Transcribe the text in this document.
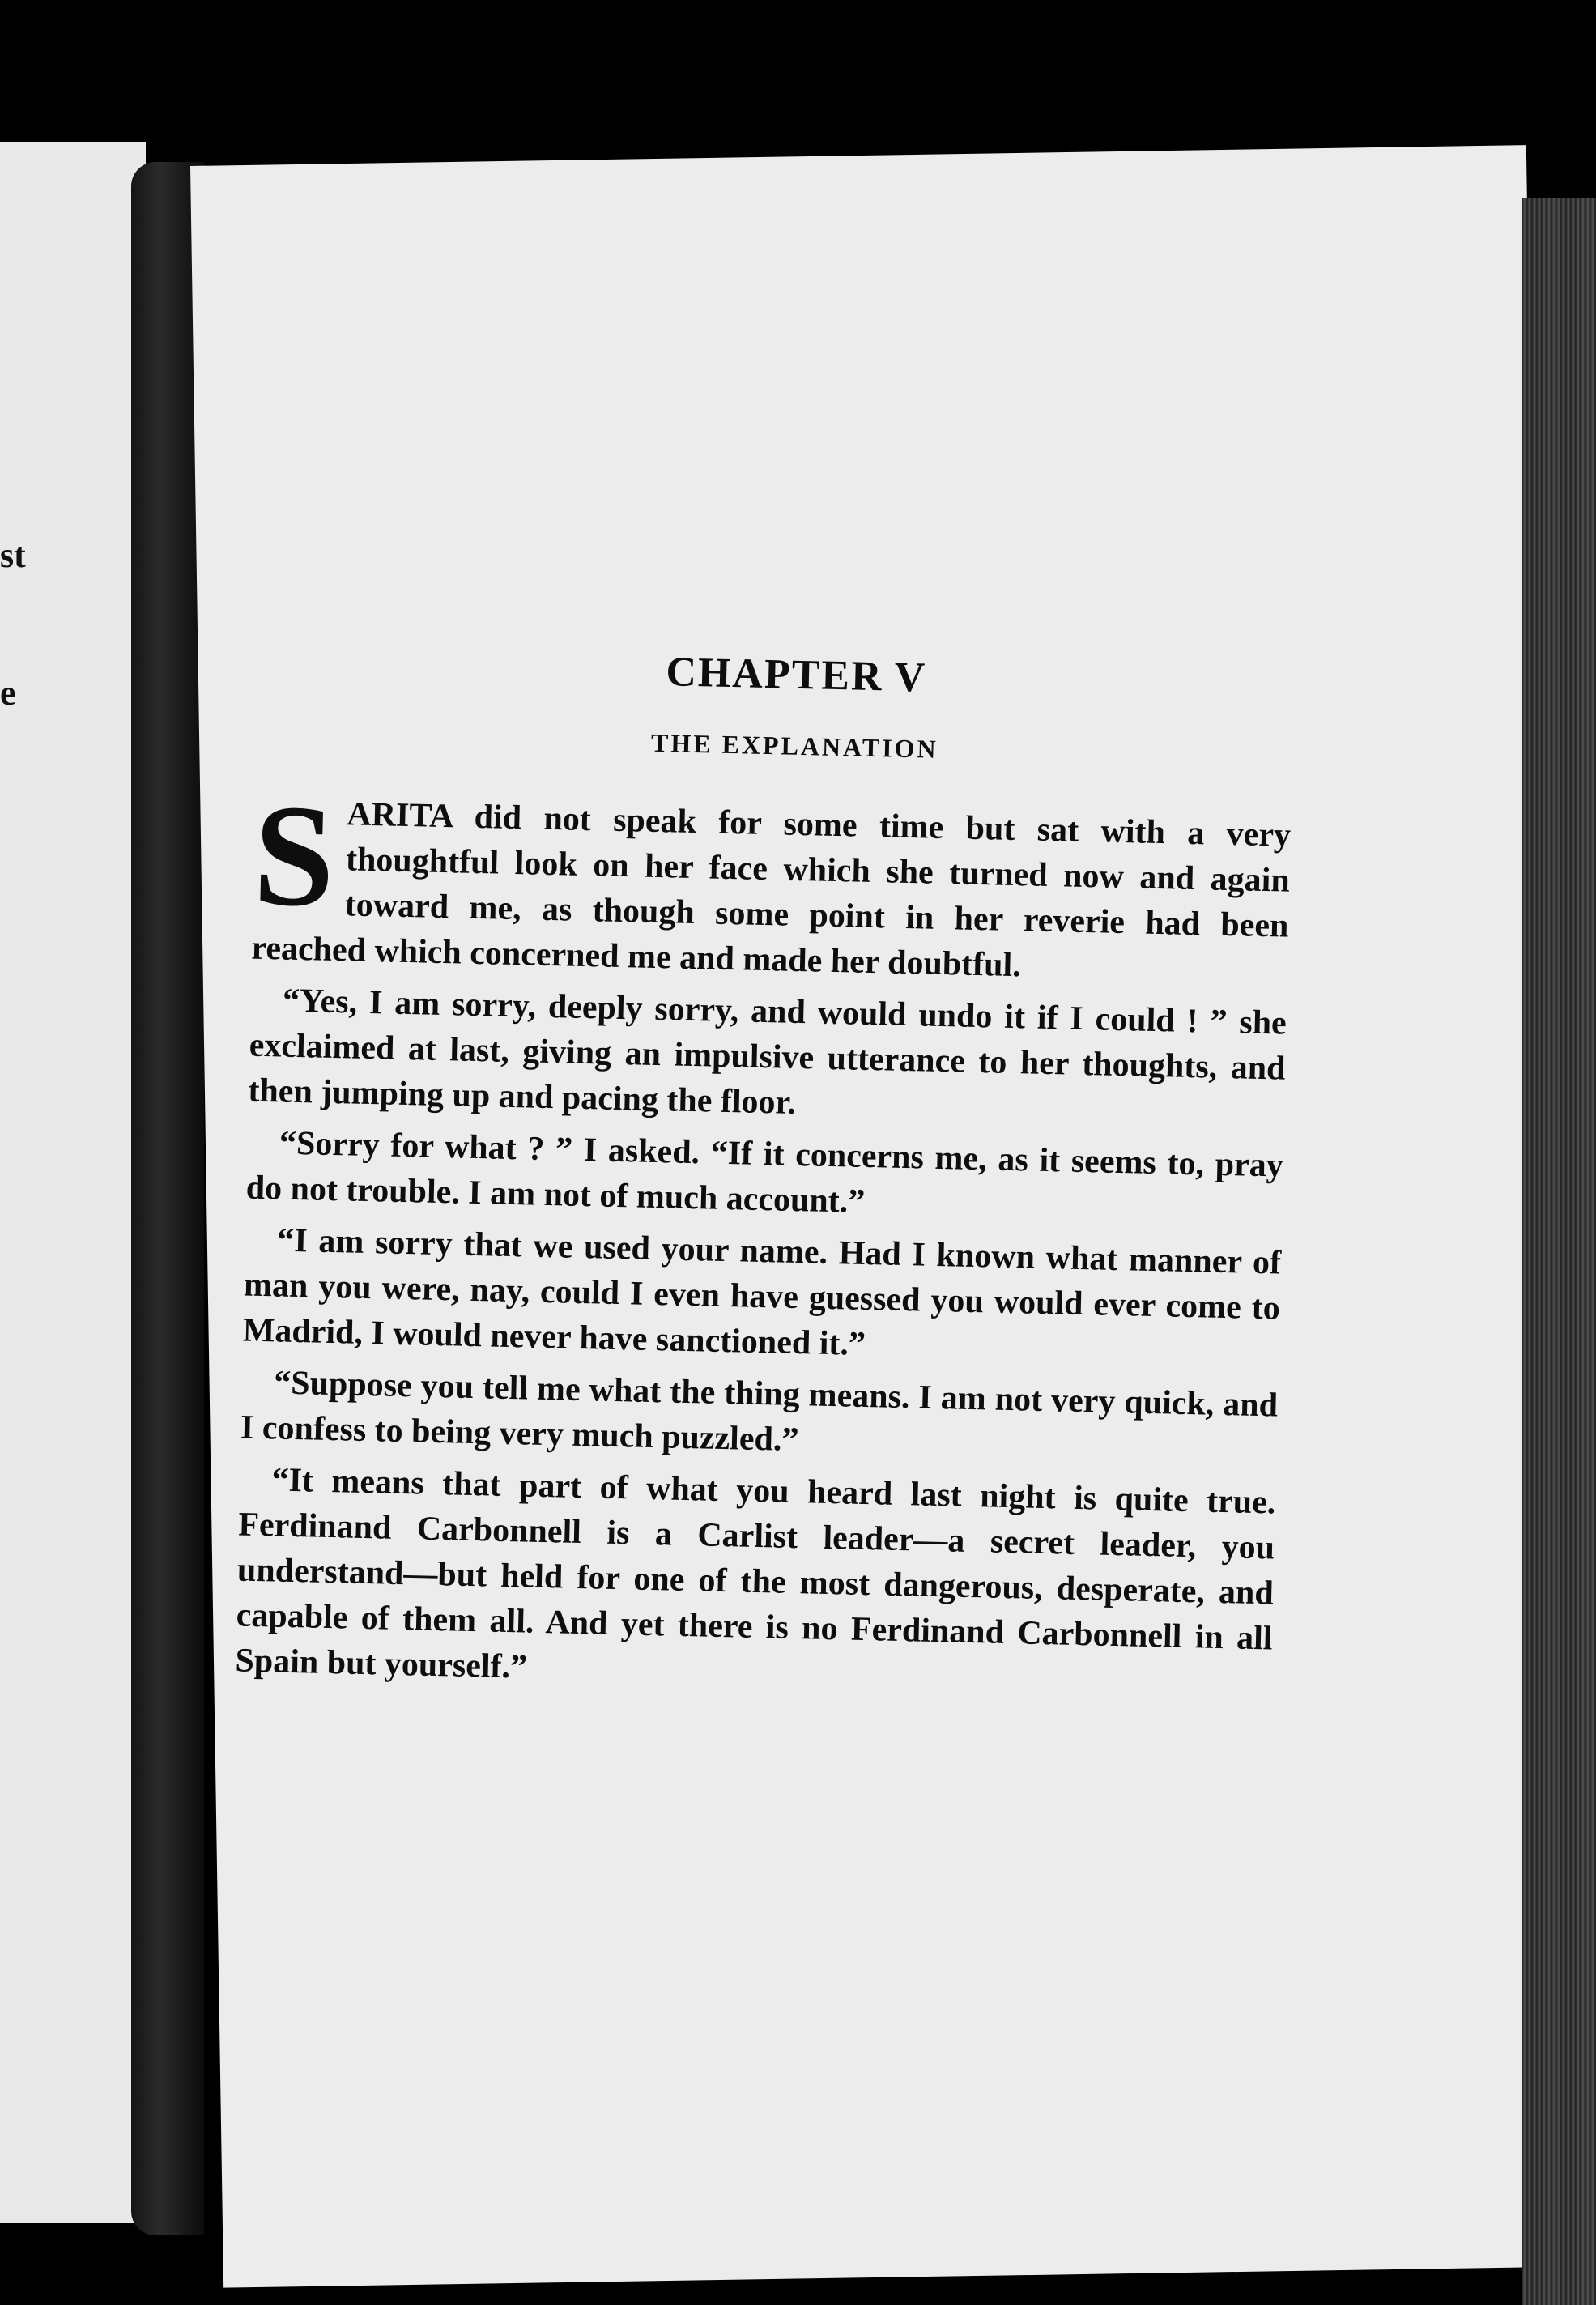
st
e	CHAPTER V
THE EXPLANATION

SARITA did not speak for some time but sat with a very thoughtful look on her face which she turned now and again toward me, as though some point in her reverie had been reached which concerned me and made her doubtful.

“Yes, I am sorry, deeply sorry, and would undo it if I could ! ” she exclaimed at last, giving an impulsive utterance to her thoughts, and then jumping up and pacing the floor.

“Sorry for what ? ” I asked. “If it concerns me, as it seems to, pray do not trouble. I am not of much account.”

“I am sorry that we used your name. Had I known what manner of man you were, nay, could I even have guessed you would ever come to Madrid, I would never have sanctioned it.”

“Suppose you tell me what the thing means. I am not very quick, and I confess to being very much puzzled.”

“It means that part of what you heard last night is quite true. Ferdinand Carbonnell is a Carlist leader—a secret leader, you understand—but held for one of the most dangerous, desperate, and capable of them all. And yet there is no Ferdinand Carbonnell in all Spain but yourself.”
